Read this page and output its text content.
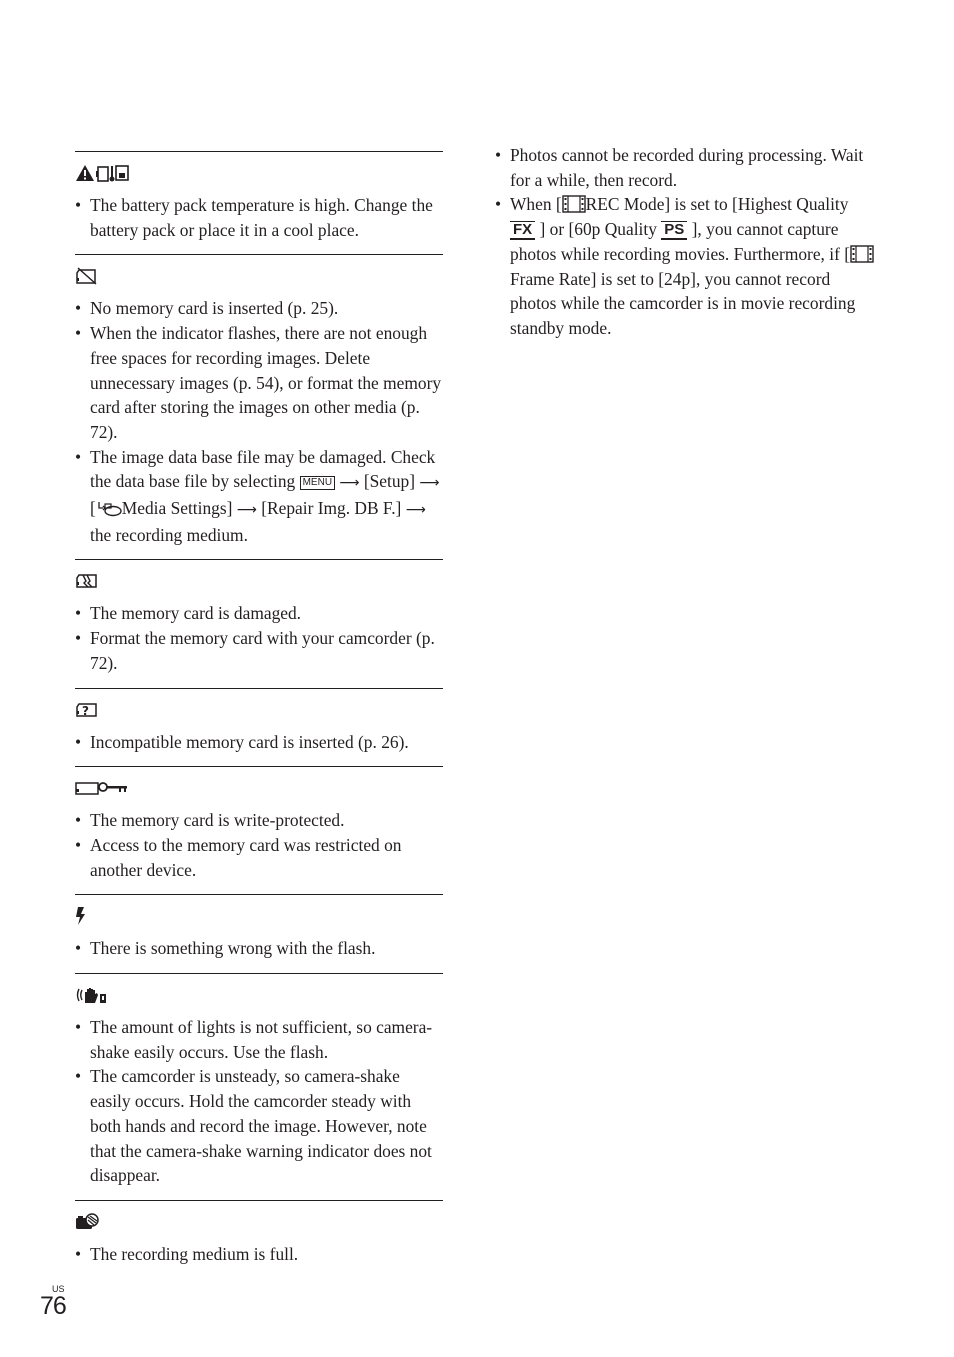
• The battery pack temperature is high. Change the battery pack or place it in a cool place.
• No memory card is inserted (p. 25).
• When the indicator flashes, there are not enough free spaces for recording images. Delete unnecessary images (p. 54), or format the memory card after storing the images on other media (p. 72).
• The image data base file may be damaged. Check the data base file by selecting MENU ⟶ [Setup] ⟶ [ Media Settings] ⟶ [Repair Img. DB F.] ⟶ the recording medium.
• The memory card is damaged.
• Format the memory card with your camcorder (p. 72).
?
• Incompatible memory card is inserted (p. 26).
• The memory card is write-protected.
• Access to the memory card was restricted on another device.
• There is something wrong with the flash.
• The amount of lights is not sufficient, so camera-shake easily occurs. Use the flash.
• The camcorder is unsteady, so camera-shake easily occurs. Hold the camcorder steady with both hands and record the image. However, note that the camera-shake warning indicator does not disappear.
• The recording medium is full.
• Photos cannot be recorded during processing. Wait for a while, then record.
• When [ REC Mode] is set to [Highest Quality FX ] or [60p Quality PS ], you cannot capture photos while recording movies. Furthermore, if [Frame Rate] is set to [24p], you cannot record photos while the camcorder is in movie recording standby mode.
US
76
